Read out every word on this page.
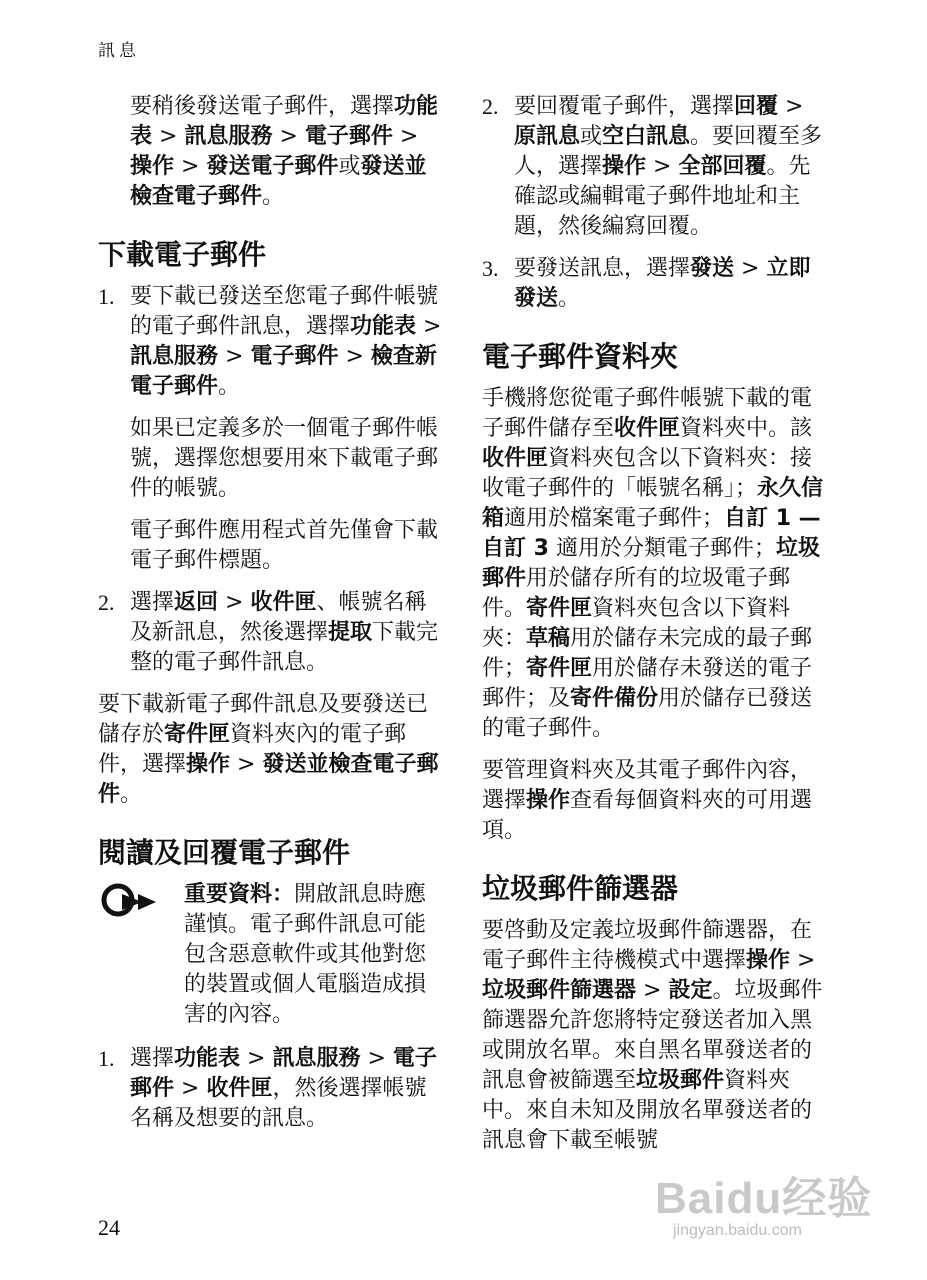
訊息

要稍後發送電子郵件，選擇功能表 > 訊息服務 > 電子郵件 > 操作 > 發送電子郵件或發送並檢查電子郵件。

下載電子郵件
1. 要下載已發送至您電子郵件帳號的電子郵件訊息，選擇功能表 > 訊息服務 > 電子郵件 > 檢查新電子郵件。

如果已定義多於一個電子郵件帳號，選擇您想要用來下載電子郵件的帳號。

電子郵件應用程式首先僅會下載電子郵件標題。

2. 選擇返回 > 收件匣、帳號名稱及新訊息，然後選擇提取下載完整的電子郵件訊息。

要下載新電子郵件訊息及要發送已儲存於寄件匣資料夾內的電子郵件，選擇操作 > 發送並檢查電子郵件。

閱讀及回覆電子郵件

重要資料：開啟訊息時應謹慎。電子郵件訊息可能包含惡意軟件或其他對您的裝置或個人電腦造成損害的內容。

1. 選擇功能表 > 訊息服務 > 電子郵件 > 收件匣，然後選擇帳號名稱及想要的訊息。

2. 要回覆電子郵件，選擇回覆 > 原訊息或空白訊息。要回覆至多人，選擇操作 > 全部回覆。先確認或編輯電子郵件地址和主題，然後編寫回覆。

3. 要發送訊息，選擇發送 > 立即發送。

電子郵件資料夾

手機將您從電子郵件帳號下載的電子郵件儲存至收件匣資料夾中。該收件匣資料夾包含以下資料夾：接收電子郵件的「帳號名稱」；永久信箱適用於檔案電子郵件；自訂 1 — 自訂 3 適用於分類電子郵件；垃圾郵件用於儲存所有的垃圾電子郵件。寄件匣資料夾包含以下資料夾：草稿用於儲存未完成的最子郵件；寄件匣用於儲存未發送的電子郵件；及寄件備份用於儲存已發送的電子郵件。

要管理資料夾及其電子郵件內容，選擇操作查看每個資料夾的可用選項。

垃圾郵件篩選器

要啓動及定義垃圾郵件篩選器，在電子郵件主待機模式中選擇操作 > 垃圾郵件篩選器 > 設定。垃圾郵件篩選器允許您將特定發送者加入黑或開放名單。來自黑名單發送者的訊息會被篩選至垃圾郵件資料夾中。來自未知及開放名單發送者的訊息會下載至帳號

24
Baidu经验
jingyan.baidu.com
